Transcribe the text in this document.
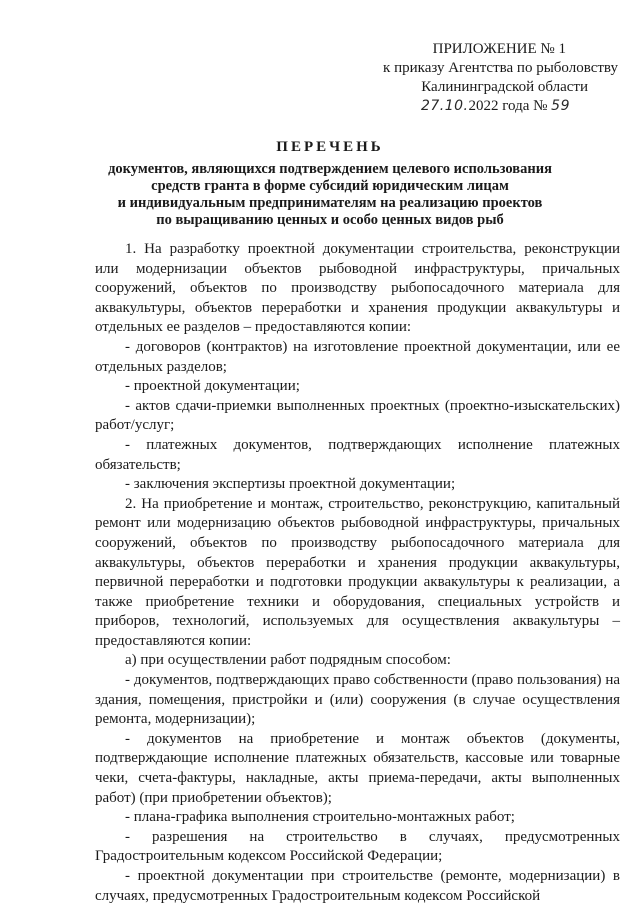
ПРИЛОЖЕНИЕ № 1
к приказу Агентства по рыболовству
Калининградской области
27.10.2022 года № 59
ПЕРЕЧЕНЬ
документов, являющихся подтверждением целевого использования
средств гранта в форме субсидий юридическим лицам
и индивидуальным предпринимателям на реализацию проектов
по выращиванию ценных и особо ценных видов рыб

1. На разработку проектной документации строительства, реконструкции или модернизации объектов рыбоводной инфраструктуры, причальных сооружений, объектов по производству рыбопосадочного материала для аквакультуры, объектов переработки и хранения продукции аквакультуры и отдельных ее разделов – предоставляются копии:

- договоров (контрактов) на изготовление проектной документации, или ее отдельных разделов;

- проектной документации;

- актов сдачи-приемки выполненных проектных (проектно-изыскательских) работ/услуг;

- платежных документов, подтверждающих исполнение платежных обязательств;

- заключения экспертизы проектной документации;

2. На приобретение и монтаж, строительство, реконструкцию, капитальный ремонт или модернизацию объектов рыбоводной инфраструктуры, причальных сооружений, объектов по производству рыбопосадочного материала для аквакультуры, объектов переработки и хранения продукции аквакультуры, первичной переработки и подготовки продукции аквакультуры к реализации, а также приобретение техники и оборудования, специальных устройств и приборов, технологий, используемых для осуществления аквакультуры – предоставляются копии:

а) при осуществлении работ подрядным способом:

- документов, подтверждающих право собственности (право пользования) на здания, помещения, пристройки и (или) сооружения (в случае осуществления ремонта, модернизации);

- документов на приобретение и монтаж объектов (документы, подтверждающие исполнение платежных обязательств, кассовые или товарные чеки, счета-фактуры, накладные, акты приема-передачи, акты выполненных работ) (при приобретении объектов);

- плана-графика выполнения строительно-монтажных работ;

- разрешения на строительство в случаях, предусмотренных Градостроительным кодексом Российской Федерации;

- проектной документации при строительстве (ремонте, модернизации) в случаях, предусмотренных Градостроительным кодексом Российской
